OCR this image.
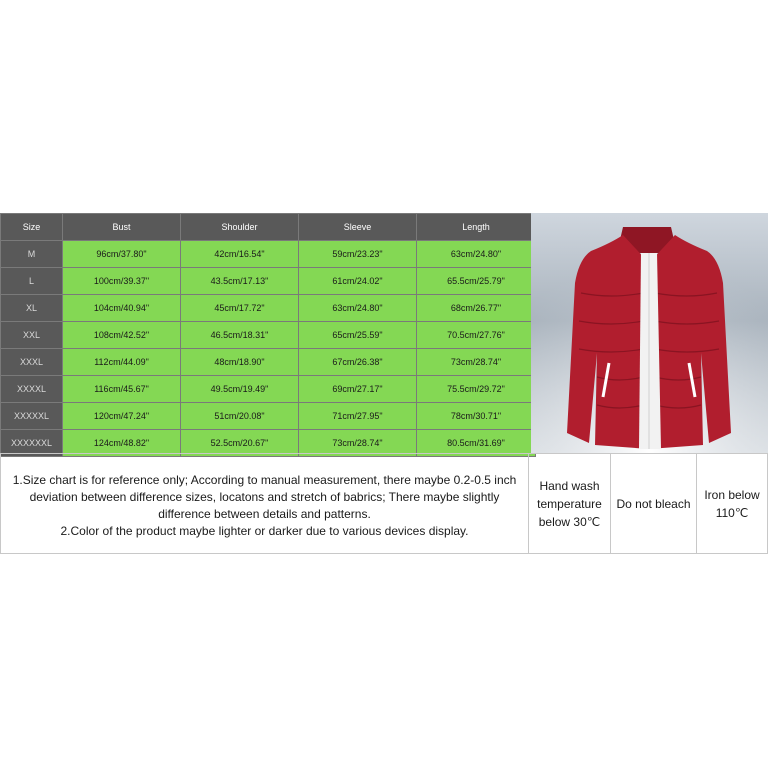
Size	Bust	Shoulder	Sleeve	Length
M	96cm/37.80"	42cm/16.54"	59cm/23.23"	63cm/24.80"
L	100cm/39.37"	43.5cm/17.13"	61cm/24.02"	65.5cm/25.79"
XL	104cm/40.94"	45cm/17.72"	63cm/24.80"	68cm/26.77"
XXL	108cm/42.52"	46.5cm/18.31"	65cm/25.59"	70.5cm/27.76"
XXXL	112cm/44.09"	48cm/18.90"	67cm/26.38"	73cm/28.74"
XXXXL	116cm/45.67"	49.5cm/19.49"	69cm/27.17"	75.5cm/29.72"
XXXXXL	120cm/47.24"	51cm/20.08"	71cm/27.95"	78cm/30.71"
XXXXXXL	124cm/48.82"	52.5cm/20.67"	73cm/28.74"	80.5cm/31.69"

1.Size chart is for reference only; According to manual measurement, there maybe 0.2-0.5 inch

deviation between difference sizes, locatons and stretch of babrics; There maybe slightly

difference between details and patterns.

2.Color of the product maybe lighter or darker due to various devices display.

Hand wash
temperature
below 30℃
Do not bleach
Iron below
110℃
